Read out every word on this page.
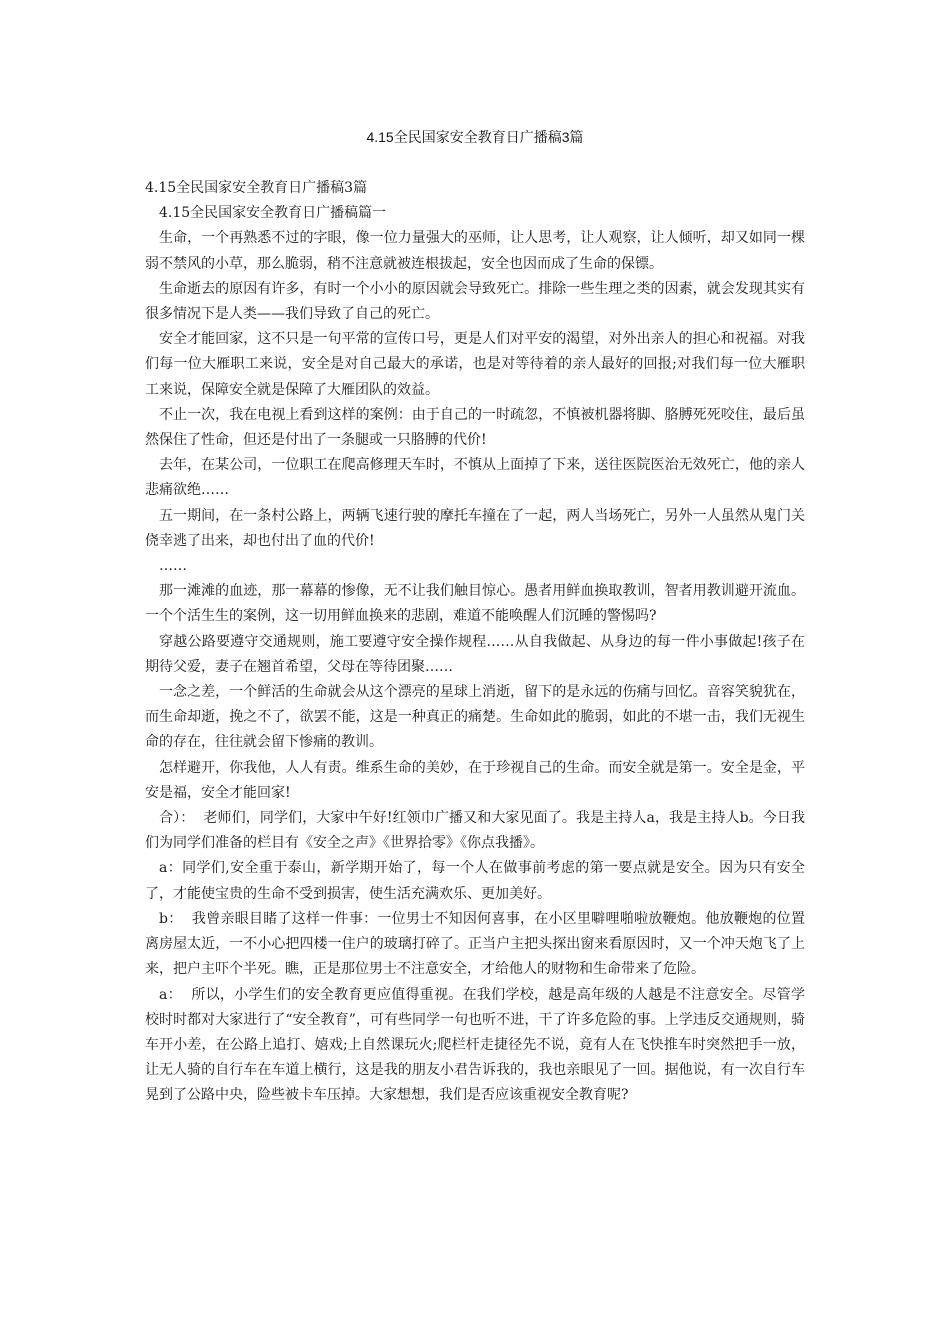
4.15全民国家安全教育日广播稿3篇

4.15全民国家安全教育日广播稿3篇

4.15全民国家安全教育日广播稿篇一

生命，一个再熟悉不过的字眼，像一位力量强大的巫师，让人思考，让人观察，让人倾听，却又如同一棵弱不禁风的小草，那么脆弱，稍不注意就被连根拔起，安全也因而成了生命的保镖。

生命逝去的原因有许多，有时一个小小的原因就会导致死亡。排除一些生理之类的因素，就会发现其实有很多情况下是人类——我们导致了自己的死亡。

安全才能回家，这不只是一句平常的宣传口号，更是人们对平安的渴望，对外出亲人的担心和祝福。对我们每一位大雁职工来说，安全是对自己最大的承诺，也是对等待着的亲人最好的回报;对我们每一位大雁职工来说，保障安全就是保障了大雁团队的效益。

不止一次，我在电视上看到这样的案例：由于自己的一时疏忽，不慎被机器将脚、胳膊死死咬住，最后虽然保住了性命，但还是付出了一条腿或一只胳膊的代价!

去年，在某公司，一位职工在爬高修理天车时，不慎从上面掉了下来，送往医院医治无效死亡，他的亲人悲痛欲绝……

五一期间，在一条村公路上，两辆飞速行驶的摩托车撞在了一起，两人当场死亡，另外一人虽然从鬼门关侥幸逃了出来，却也付出了血的代价!

……

那一滩滩的血迹，那一幕幕的惨像，无不让我们触目惊心。愚者用鲜血换取教训，智者用教训避开流血。一个个活生生的案例，这一切用鲜血换来的悲剧，难道不能唤醒人们沉睡的警惕吗?

穿越公路要遵守交通规则，施工要遵守安全操作规程……从自我做起、从身边的每一件小事做起!孩子在期待父爱，妻子在翘首希望，父母在等待团聚……

一念之差，一个鲜活的生命就会从这个漂亮的星球上消逝，留下的是永远的伤痛与回忆。音容笑貌犹在，而生命却逝，挽之不了，欲罢不能，这是一种真正的痛楚。生命如此的脆弱，如此的不堪一击，我们无视生命的存在，往往就会留下惨痛的教训。

怎样避开，你我他，人人有责。维系生命的美妙，在于珍视自己的生命。而安全就是第一。安全是金，平安是福，安全才能回家!

合）：  老师们，同学们，大家中午好!红领巾广播又和大家见面了。我是主持人a，我是主持人b。今日我们为同学们准备的栏目有《安全之声》《世界拾零》《你点我播》。

a：同学们,安全重于泰山，新学期开始了，每一个人在做事前考虑的第一要点就是安全。因为只有安全了，才能使宝贵的生命不受到损害，使生活充满欢乐、更加美好。

b：  我曾亲眼目睹了这样一件事：一位男士不知因何喜事，在小区里噼哩啪啦放鞭炮。他放鞭炮的位置离房屋太近，一不小心把四楼一住户的玻璃打碎了。正当户主把头探出窗来看原因时，又一个冲天炮飞了上来，把户主吓个半死。瞧，正是那位男士不注意安全，才给他人的财物和生命带来了危险。

a：  所以，小学生们的安全教育更应值得重视。在我们学校，越是高年级的人越是不注意安全。尽管学校时时都对大家进行了“安全教育”，可有些同学一句也听不进，干了许多危险的事。上学违反交通规则，骑车开小差，在公路上追打、嬉戏;上自然课玩火;爬栏杆走捷径先不说，竟有人在飞快推车时突然把手一放，让无人骑的自行车在车道上横行，这是我的朋友小君告诉我的，我也亲眼见了一回。据他说，有一次自行车晃到了公路中央，险些被卡车压掉。大家想想，我们是否应该重视安全教育呢?
